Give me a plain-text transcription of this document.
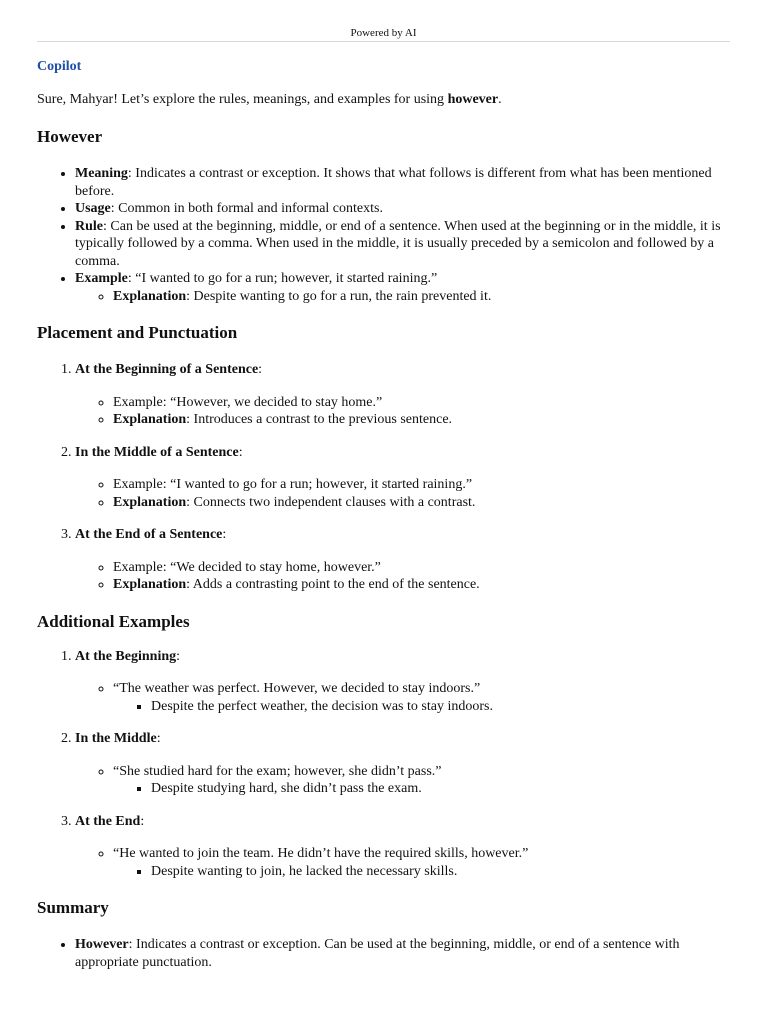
Powered by AI
Copilot

Sure, Mahyar! Let’s explore the rules, meanings, and examples for using however.

However
• Meaning: Indicates a contrast or exception. It shows that what follows is different from what has been mentioned before.
• Usage: Common in both formal and informal contexts.
• Rule: Can be used at the beginning, middle, or end of a sentence. When used at the beginning or in the middle, it is typically followed by a comma. When used in the middle, it is usually preceded by a semicolon and followed by a comma.
• Example: “I wanted to go for a run; however, it started raining.”
◦ Explanation: Despite wanting to go for a run, the rain prevented it.
Placement and Punctuation
1. At the Beginning of a Sentence:
◦ Example: “However, we decided to stay home.”
◦ Explanation: Introduces a contrast to the previous sentence.
2. In the Middle of a Sentence:
◦ Example: “I wanted to go for a run; however, it started raining.”
◦ Explanation: Connects two independent clauses with a contrast.
3. At the End of a Sentence:
◦ Example: “We decided to stay home, however.”
◦ Explanation: Adds a contrasting point to the end of the sentence.
Additional Examples
1. At the Beginning:
◦ “The weather was perfect. However, we decided to stay indoors.”
▪ Despite the perfect weather, the decision was to stay indoors.
2. In the Middle:
◦ “She studied hard for the exam; however, she didn’t pass.”
▪ Despite studying hard, she didn’t pass the exam.
3. At the End:
◦ “He wanted to join the team. He didn’t have the required skills, however.”
▪ Despite wanting to join, he lacked the necessary skills.
Summary
• However: Indicates a contrast or exception. Can be used at the beginning, middle, or end of a sentence with appropriate punctuation.
